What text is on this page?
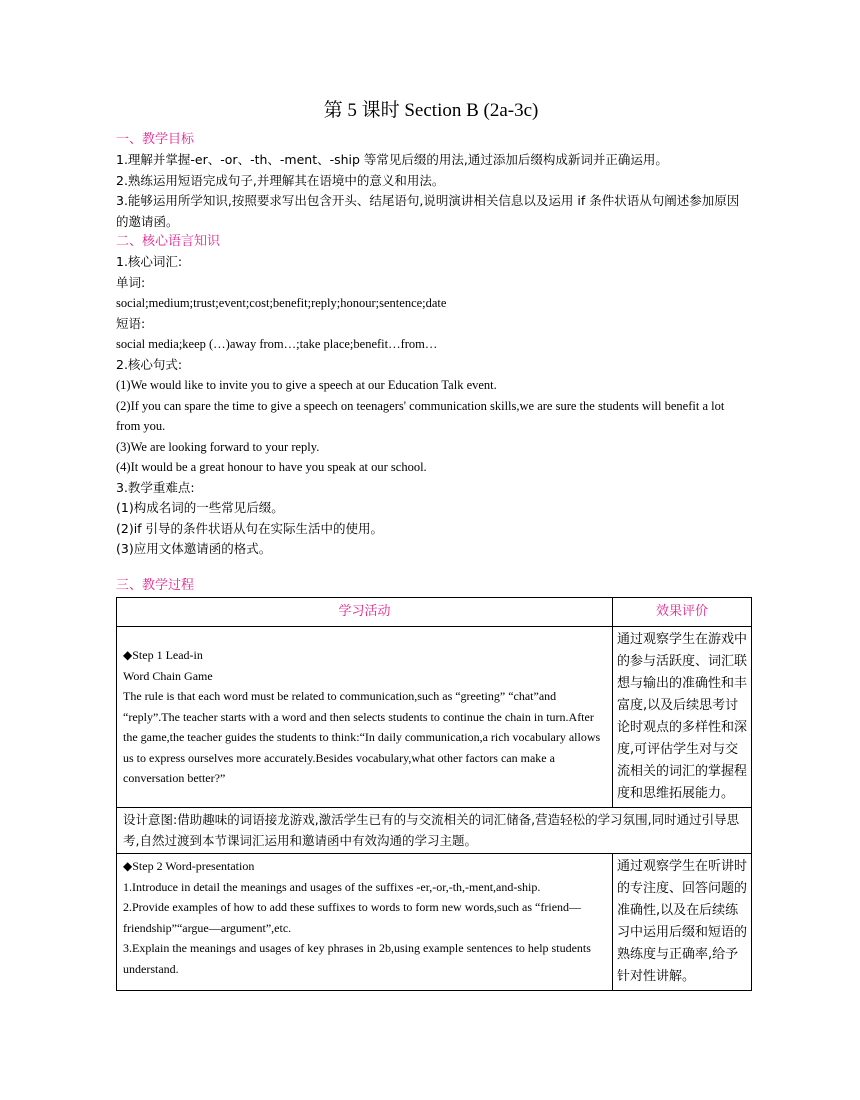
第 5 课时 Section B (2a-3c)
一、教学目标
1.理解并掌握-er、-or、-th、-ment、-ship 等常见后缀的用法,通过添加后缀构成新词并正确运用。
2.熟练运用短语完成句子,并理解其在语境中的意义和用法。
3.能够运用所学知识,按照要求写出包含开头、结尾语句,说明演讲相关信息以及运用 if 条件状语从句阐述参加原因的邀请函。
二、核心语言知识
1.核心词汇:
单词:
social;medium;trust;event;cost;benefit;reply;honour;sentence;date
短语:
social media;keep (…)away from…;take place;benefit…from…
2.核心句式:
(1)We would like to invite you to give a speech at our Education Talk event.
(2)If you can spare the time to give a speech on teenagers' communication skills,we are sure the students will benefit a lot from you.
(3)We are looking forward to your reply.
(4)It would be a great honour to have you speak at our school.
3.教学重难点:
(1)构成名词的一些常见后缀。
(2)if 引导的条件状语从句在实际生活中的使用。
(3)应用文体邀请函的格式。
三、教学过程
学习活动	效果评价

◆Step 1 Lead-in
Word Chain Game
The rule is that each word must be related to communication,such as “greeting” “chat”and “reply”.The teacher starts with a word and then selects students to continue the chain in turn.After the game,the teacher guides the students to think:“In daily communication,a rich vocabulary allows us to express ourselves more accurately.Besides vocabulary,what other factors can make a conversation better?”	通过观察学生在游戏中的参与活跃度、词汇联想与输出的准确性和丰富度,以及后续思考讨论时观点的多样性和深度,可评估学生对与交流相关的词汇的掌握程度和思维拓展能力。
设计意图:借助趣味的词语接龙游戏,激活学生已有的与交流相关的词汇储备,营造轻松的学习氛围,同时通过引导思考,自然过渡到本节课词汇运用和邀请函中有效沟通的学习主题。	

◆Step 2 Word-presentation
1.Introduce in detail the meanings and usages of the suffixes -er,-or,-th,-ment,and-ship.
2.Provide examples of how to add these suffixes to words to form new words,such as “friend—friendship”“argue—argument”,etc.
3.Explain the meanings and usages of key phrases in 2b,using example sentences to help students understand.	通过观察学生在听讲时的专注度、回答问题的准确性,以及在后续练习中运用后缀和短语的熟练度与正确率,给予针对性讲解。
